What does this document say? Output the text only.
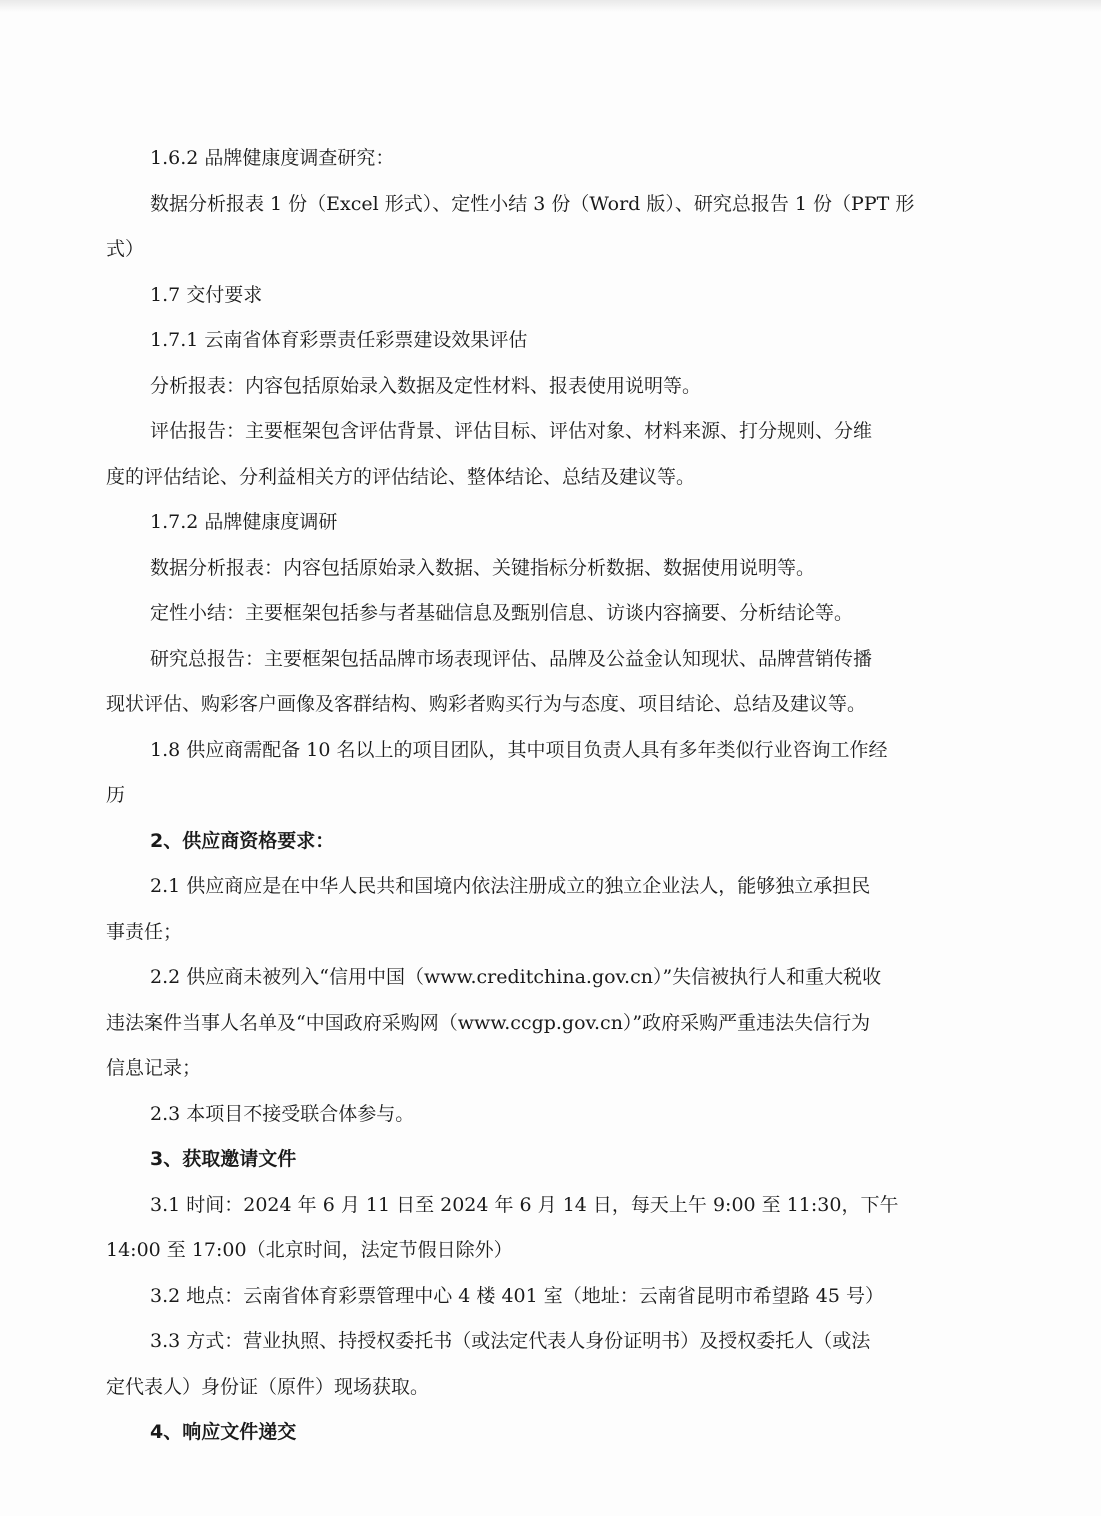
1.6.2 品牌健康度调查研究：
数据分析报表 1 份（Excel 形式）、定性小结 3 份（Word 版）、研究总报告 1 份（PPT 形
式）
1.7 交付要求
1.7.1 云南省体育彩票责任彩票建设效果评估
分析报表：内容包括原始录入数据及定性材料、报表使用说明等。
评估报告：主要框架包含评估背景、评估目标、评估对象、材料来源、打分规则、分维
度的评估结论、分利益相关方的评估结论、整体结论、总结及建议等。
1.7.2 品牌健康度调研
数据分析报表：内容包括原始录入数据、关键指标分析数据、数据使用说明等。
定性小结：主要框架包括参与者基础信息及甄别信息、访谈内容摘要、分析结论等。
研究总报告：主要框架包括品牌市场表现评估、品牌及公益金认知现状、品牌营销传播
现状评估、购彩客户画像及客群结构、购彩者购买行为与态度、项目结论、总结及建议等。
1.8 供应商需配备 10 名以上的项目团队，其中项目负责人具有多年类似行业咨询工作经
历
2、供应商资格要求：
2.1 供应商应是在中华人民共和国境内依法注册成立的独立企业法人，能够独立承担民
事责任；
2.2 供应商未被列入“信用中国（www.creditchina.gov.cn）”失信被执行人和重大税收
违法案件当事人名单及“中国政府采购网（www.ccgp.gov.cn）”政府采购严重违法失信行为
信息记录；
2.3 本项目不接受联合体参与。
3、获取邀请文件
3.1 时间：2024 年 6 月 11 日至 2024 年 6 月 14 日，每天上午 9:00 至 11:30，下午
14:00 至 17:00（北京时间，法定节假日除外）
3.2 地点：云南省体育彩票管理中心 4 楼 401 室（地址：云南省昆明市希望路 45 号）
3.3 方式：营业执照、持授权委托书（或法定代表人身份证明书）及授权委托人（或法
定代表人）身份证（原件）现场获取。
4、响应文件递交
